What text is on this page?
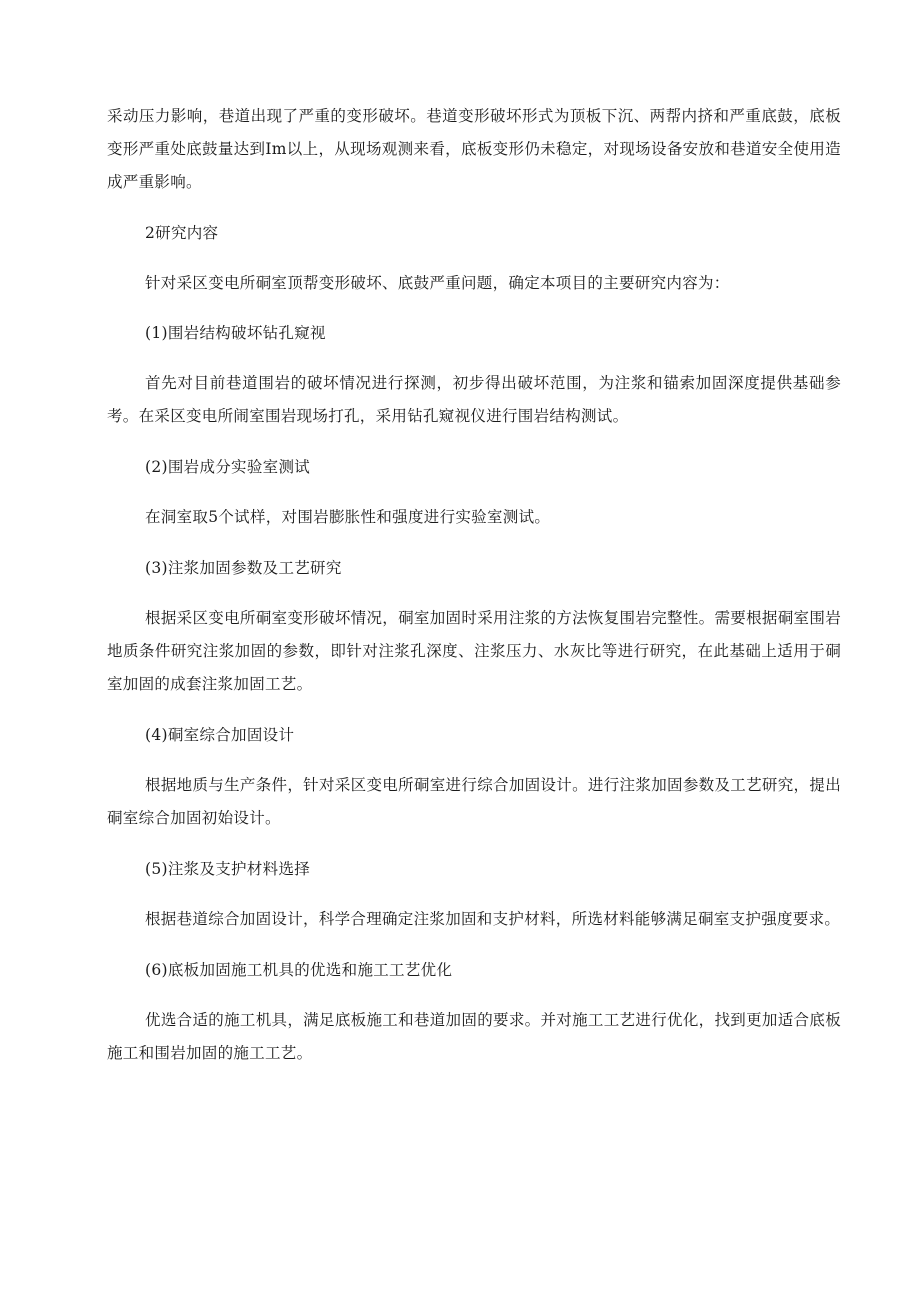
采动压力影响，巷道出现了严重的变形破坏。巷道变形破坏形式为顶板下沉、两帮内挤和严重底鼓，底板变形严重处底鼓量达到Im以上，从现场观测来看，底板变形仍未稳定，对现场设备安放和巷道安全使用造成严重影响。

2研究内容

针对采区变电所硐室顶帮变形破坏、底鼓严重问题，确定本项目的主要研究内容为：

(1)围岩结构破坏钻孔窥视

首先对目前巷道围岩的破坏情况进行探测，初步得出破坏范围，为注浆和锚索加固深度提供基础参考。在采区变电所闹室围岩现场打孔，采用钻孔窥视仪进行围岩结构测试。

(2)围岩成分实验室测试

在洞室取5个试样，对围岩膨胀性和强度进行实验室测试。

(3)注浆加固参数及工艺研究

根据采区变电所硐室变形破坏情况，硐室加固时采用注浆的方法恢复围岩完整性。需要根据硐室围岩地质条件研究注浆加固的参数，即针对注浆孔深度、注浆压力、水灰比等进行研究，在此基础上适用于硐室加固的成套注浆加固工艺。

(4)硐室综合加固设计

根据地质与生产条件，针对采区变电所硐室进行综合加固设计。进行注浆加固参数及工艺研究，提出硐室综合加固初始设计。

(5)注浆及支护材料选择

根据巷道综合加固设计，科学合理确定注浆加固和支护材料，所选材料能够满足硐室支护强度要求。

(6)底板加固施工机具的优选和施工工艺优化

优选合适的施工机具，满足底板施工和巷道加固的要求。并对施工工艺进行优化，找到更加适合底板施工和围岩加固的施工工艺。
